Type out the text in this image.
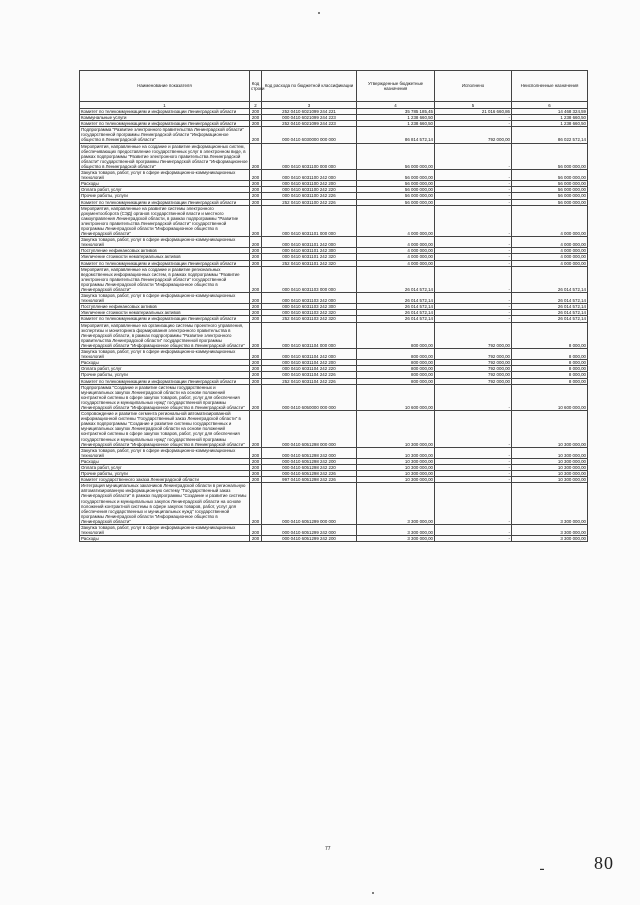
Наименование показателя	Код строки	Код расхода по бюджетной классификации	Утвержденные бюджетные назначения	Исполнено	Неисполненные назначения
1	2	3	4	5	6
Комитет по телекоммуникациям и информатизации Ленинградской области	200	252 0410 6021099 244 221	35 785 185,45	21 016 660,86	14 468 324,59
Коммунальные услуги	200	000 0410 6021099 244 223	1 238 660,50	-	1 238 660,50
Комитет по телекоммуникациям и информатизации Ленинградской области	200	252 0410 6021099 244 223	1 238 660,50	-	1 238 660,50
Подпрограмма "Развитие электронного правительства Ленинградской области" государственной программы Ленинградской области "Информационное общество в Ленинградской области"	200	000 0410 6030000 000 000	86 814 572,14	792 000,00	86 022 572,14
Мероприятия, направленные на создание и развитие информационных систем, обеспечивающих предоставление государственных услуг в электронном виде, в рамках подпрограммы "Развитие электронного правительства Ленинградской области" государственной программы Ленинградской области "Информационное общество в Ленинградской области"	200	000 0410 6031100 000 000	56 000 000,00	-	56 000 000,00
Закупка товаров, работ, услуг в сфере информационно-коммуникационных технологий	200	000 0410 6031100 242 000	56 000 000,00	-	56 000 000,00
Расходы	200	000 0410 6031100 242 200	56 000 000,00	-	56 000 000,00
Оплата работ, услуг	200	000 0410 6031100 242 220	56 000 000,00	-	56 000 000,00
Прочие работы, услуги	200	000 0410 6031100 242 226	56 000 000,00	-	56 000 000,00
Комитет по телекоммуникациям и информатизации Ленинградской области	200	252 0410 6031100 242 226	56 000 000,00	-	56 000 000,00
Мероприятия, направленные на развитие системы электронного документооборота (СЭД) органов государственной власти и местного самоуправления Ленинградской области, в рамках подпрограммы "Развитие электронного правительства Ленинградской области" государственной программы Ленинградской области "Информационное общество в Ленинградской области"	200	000 0410 6031101 000 000	4 000 000,00	-	4 000 000,00
Закупка товаров, работ, услуг в сфере информационно-коммуникационных технологий	200	000 0410 6031101 242 000	4 000 000,00	-	4 000 000,00
Поступление нефинансовых активов	200	000 0410 6031101 242 300	4 000 000,00	-	4 000 000,00
Увеличение стоимости нематериальных активов	200	000 0410 6031101 242 320	4 000 000,00	-	4 000 000,00
Комитет по телекоммуникациям и информатизации Ленинградской области	200	252 0410 6031101 242 320	4 000 000,00	-	4 000 000,00
Мероприятия, направленные на создание и развитие региональных ведомственных информационных систем, в рамках подпрограммы "Развитие электронного правительства Ленинградской области" государственной программы Ленинградской области "Информационное общество в Ленинградской области"	200	000 0410 6031103 000 000	26 014 572,14	-	26 014 572,14
Закупка товаров, работ, услуг в сфере информационно-коммуникационных технологий	200	000 0410 6031103 242 000	26 014 572,14	-	26 014 572,14
Поступление нефинансовых активов	200	000 0410 6031103 242 300	26 014 572,14	-	26 014 572,14
Увеличение стоимости нематериальных активов	200	000 0410 6031103 242 320	26 014 572,14	-	26 014 572,14
Комитет по телекоммуникациям и информатизации Ленинградской области	200	252 0410 6031103 242 320	26 014 572,14	-	26 014 572,14
Мероприятия, направленные на организацию системы проектного управления, экспертизы и мониторинга формирования электронного правительства в Ленинградской области, в рамках подпрограммы "Развитие электронного правительства Ленинградской области" государственной программы Ленинградской области "Информационное общество в Ленинградской области"	200	000 0410 6031104 000 000	800 000,00	792 000,00	8 000,00
Закупка товаров, работ, услуг в сфере информационно-коммуникационных технологий	200	000 0410 6031104 242 000	800 000,00	792 000,00	8 000,00
Расходы	200	000 0410 6031104 242 200	800 000,00	792 000,00	8 000,00
Оплата работ, услуг	200	000 0410 6031104 242 220	800 000,00	792 000,00	8 000,00
Прочие работы, услуги	200	000 0410 6031104 242 226	800 000,00	792 000,00	8 000,00
Комитет по телекоммуникациям и информатизации Ленинградской области	200	252 0410 6031104 242 226	800 000,00	792 000,00	8 000,00
Подпрограмма "Создание и развитие системы государственных и муниципальных закупок Ленинградской области на основе положений контрактной системы в сфере закупок товаров, работ, услуг для обеспечения государственных и муниципальных нужд" государственной программы Ленинградской области "Информационное общество в Ленинградской области"	200	000 0410 6050000 000 000	10 600 000,00	-	10 600 000,00
Сопровождение и развитие сегмента региональной автоматизированной информационной системы "Государственный заказ Ленинградской области" в рамках подпрограммы "Создание и развитие системы государственных и муниципальных закупок Ленинградской области на основе положений контрактной системы в сфере закупок товаров, работ, услуг для обеспечения государственных и муниципальных нужд" государственной программы Ленинградской области "Информационное общество в Ленинградской области"	200	000 0410 6051298 000 000	10 300 000,00	-	10 300 000,00
Закупка товаров, работ, услуг в сфере информационно-коммуникационных технологий	200	000 0410 6051298 242 000	10 300 000,00	-	10 300 000,00
Расходы	200	000 0410 6051298 242 200	10 300 000,00	-	10 300 000,00
Оплата работ, услуг	200	000 0410 6051298 242 220	10 300 000,00	-	10 300 000,00
Прочие работы, услуги	200	000 0410 6051298 242 226	10 300 000,00	-	10 300 000,00
Комитет государственного заказа Ленинградской области	200	997 0410 6051298 242 226	10 300 000,00	-	10 300 000,00
Интеграция муниципальных заказчиков Ленинградской области в региональную автоматизированную информационную систему "Государственный заказ Ленинградской области" в рамках подпрограммы "Создание и развитие системы государственных и муниципальных закупок Ленинградской области на основе положений контрактной системы в сфере закупок товаров, работ, услуг для обеспечения государственных и муниципальных нужд" государственной программы Ленинградской области "Информационное общество в Ленинградской области"	200	000 0410 6051299 000 000	3 300 000,00	-	3 300 000,00
Закупка товаров, работ, услуг в сфере информационно-коммуникационных технологий	200	000 0410 6051299 242 000	3 300 000,00	-	3 300 000,00
Расходы	200	000 0410 6051299 242 200	3 300 000,00	-	3 300 000,00
77
80
▬
